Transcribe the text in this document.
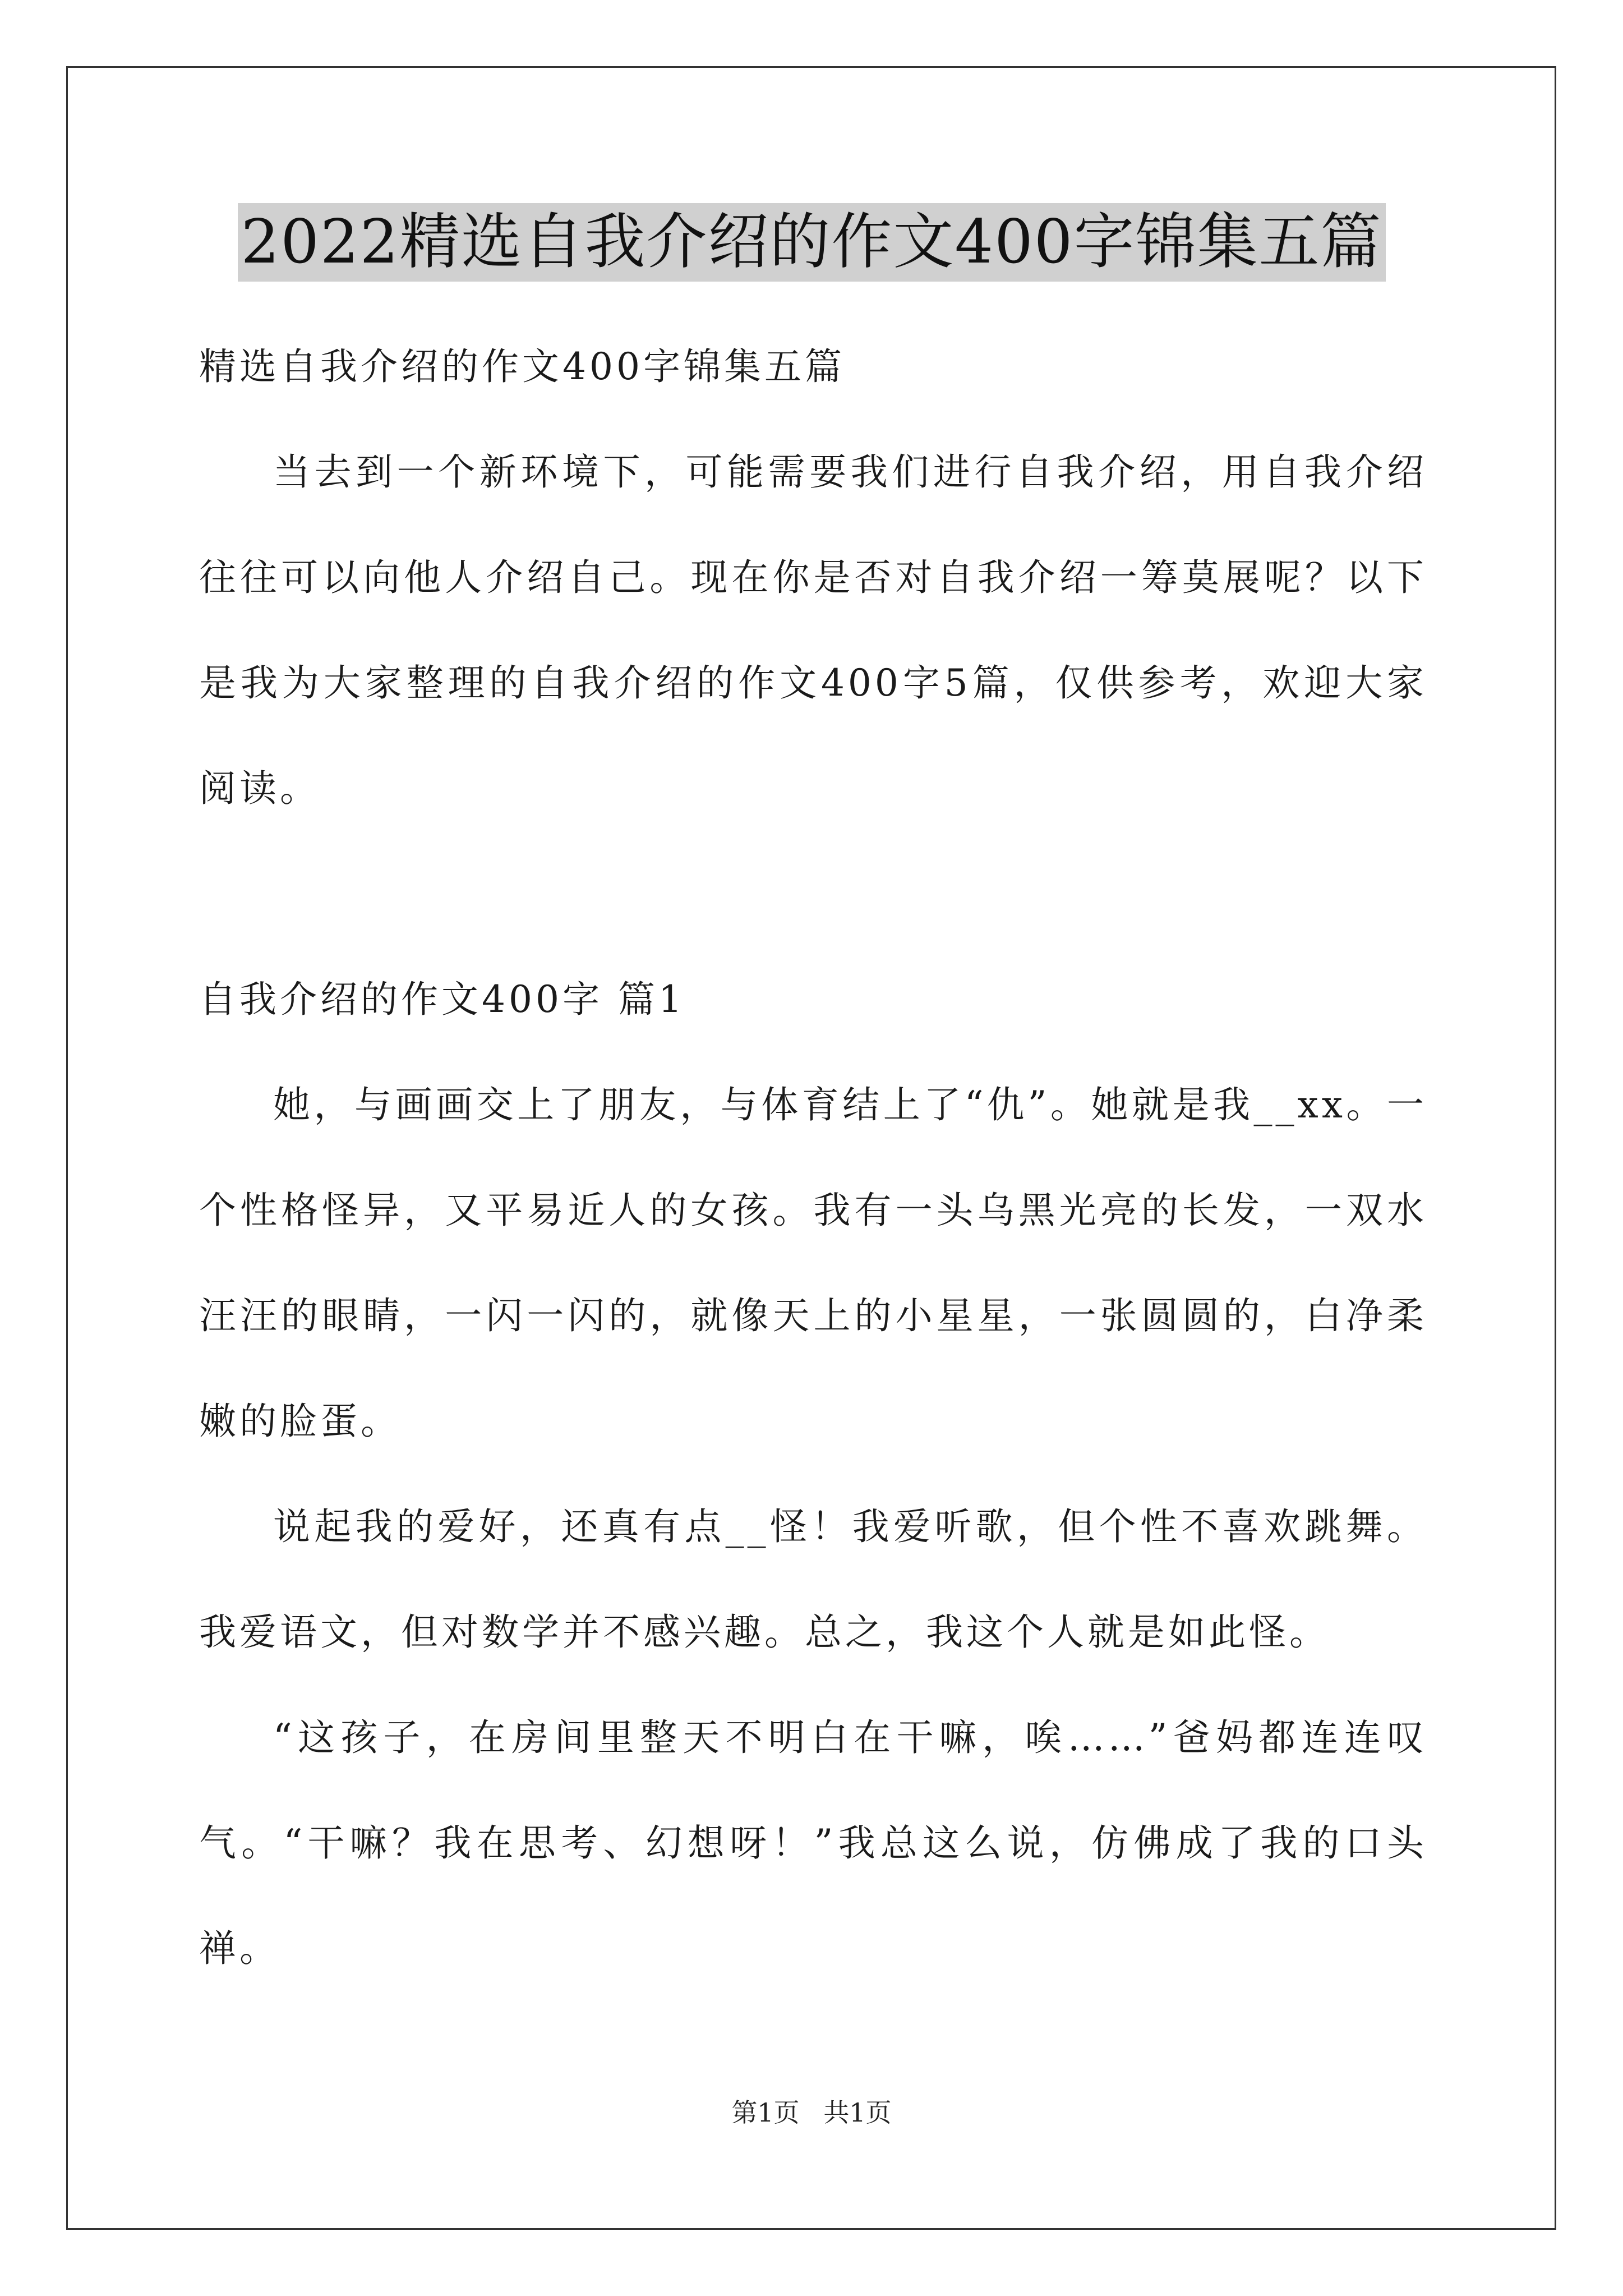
2022精选自我介绍的作文400字锦集五篇

精选自我介绍的作文400字锦集五篇

当去到一个新环境下，可能需要我们进行自我介绍，用自我介绍往往可以向他人介绍自己。现在你是否对自我介绍一筹莫展呢？以下是我为大家整理的自我介绍的作文400字5篇，仅供参考，欢迎大家阅读。

自我介绍的作文400字 篇1

她，与画画交上了朋友，与体育结上了“仇”。她就是我__xx。一个性格怪异，又平易近人的女孩。我有一头乌黑光亮的长发，一双水汪汪的眼睛，一闪一闪的，就像天上的小星星，一张圆圆的，白净柔嫩的脸蛋。

说起我的爱好，还真有点__怪！我爱听歌，但个性不喜欢跳舞。我爱语文，但对数学并不感兴趣。总之，我这个人就是如此怪。

“这孩子，在房间里整天不明白在干嘛，唉……”爸妈都连连叹气。“干嘛？我在思考、幻想呀！”我总这么说，仿佛成了我的口头禅。

第1页 共1页
